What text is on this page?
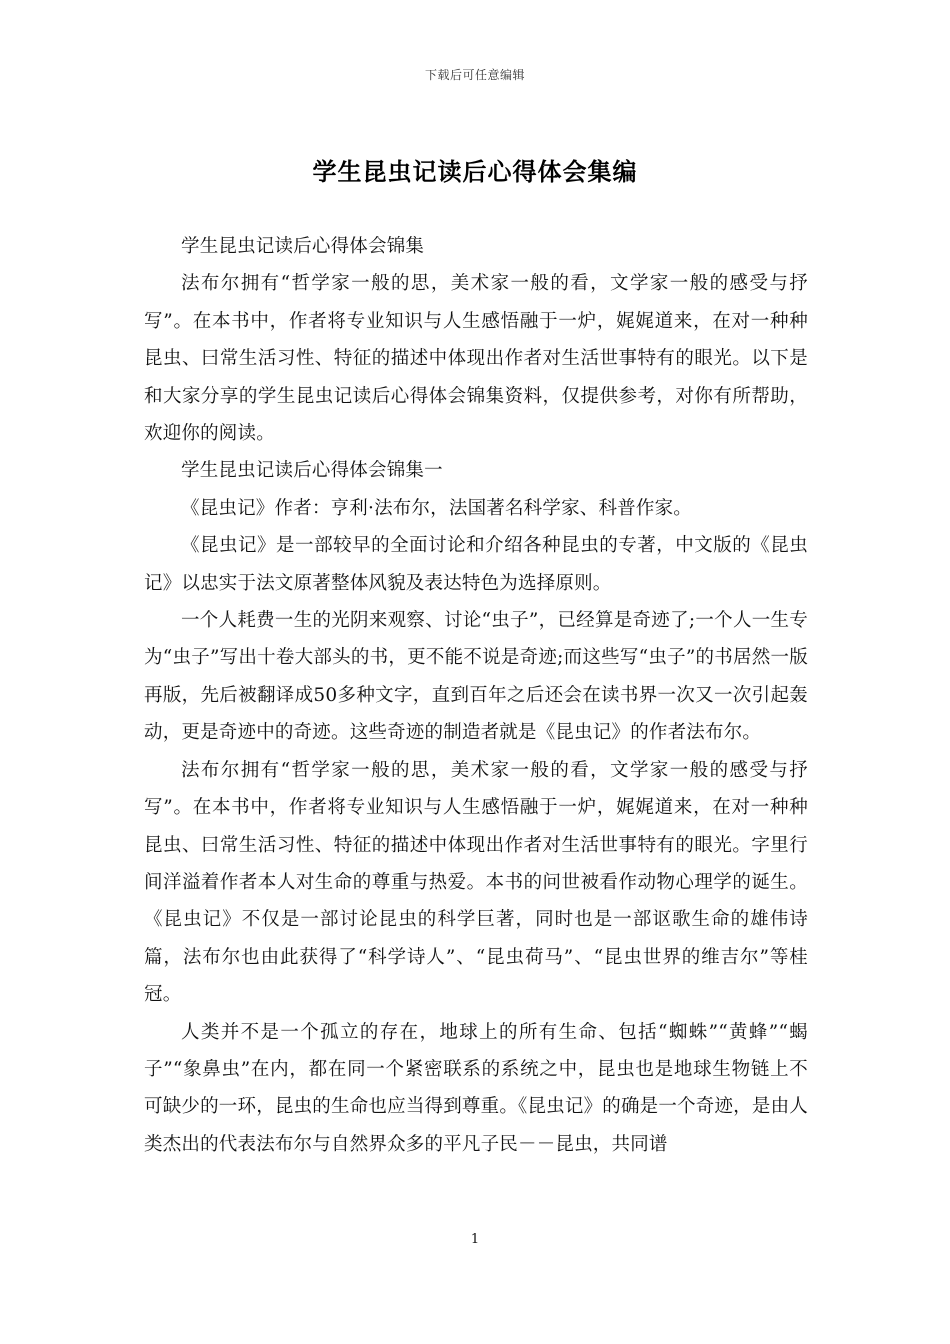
下载后可任意编辑
学生昆虫记读后心得体会集编

学生昆虫记读后心得体会锦集

法布尔拥有“哲学家一般的思，美术家一般的看，文学家一般的感受与抒写”。在本书中，作者将专业知识与人生感悟融于一炉，娓娓道来，在对一种种昆虫、曰常生活习性、特征的描述中体现出作者对生活世事特有的眼光。以下是和大家分享的学生昆虫记读后心得体会锦集资料，仅提供参考，对你有所帮助，欢迎你的阅读。

学生昆虫记读后心得体会锦集一

《昆虫记》作者：亨利·法布尔，法国著名科学家、科普作家。

《昆虫记》是一部较早的全面讨论和介绍各种昆虫的专著，中文版的《昆虫记》以忠实于法文原著整体风貌及表达特色为选择原则。

一个人耗费一生的光阴来观察、讨论“虫子”，已经算是奇迹了;一个人一生专为“虫子”写出十卷大部头的书，更不能不说是奇迹;而这些写“虫子”的书居然一版再版，先后被翻译成50多种文字，直到百年之后还会在读书界一次又一次引起轰动，更是奇迹中的奇迹。这些奇迹的制造者就是《昆虫记》的作者法布尔。

法布尔拥有“哲学家一般的思，美术家一般的看，文学家一般的感受与抒写”。在本书中，作者将专业知识与人生感悟融于一炉，娓娓道来，在对一种种昆虫、曰常生活习性、特征的描述中体现出作者对生活世事特有的眼光。字里行间洋溢着作者本人对生命的尊重与热爱。本书的问世被看作动物心理学的诞生。《昆虫记》不仅是一部讨论昆虫的科学巨著，同时也是一部讴歌生命的雄伟诗篇，法布尔也由此获得了“科学诗人”、“昆虫荷马”、“昆虫世界的维吉尔”等桂冠。

人类并不是一个孤立的存在，地球上的所有生命、包括“蜘蛛”“黄蜂”“蝎子”“象鼻虫”在内，都在同一个紧密联系的系统之中，昆虫也是地球生物链上不可缺少的一环，昆虫的生命也应当得到尊重。《昆虫记》的确是一个奇迹，是由人类杰出的代表法布尔与自然界众多的平凡子民－－昆虫，共同谱

1
